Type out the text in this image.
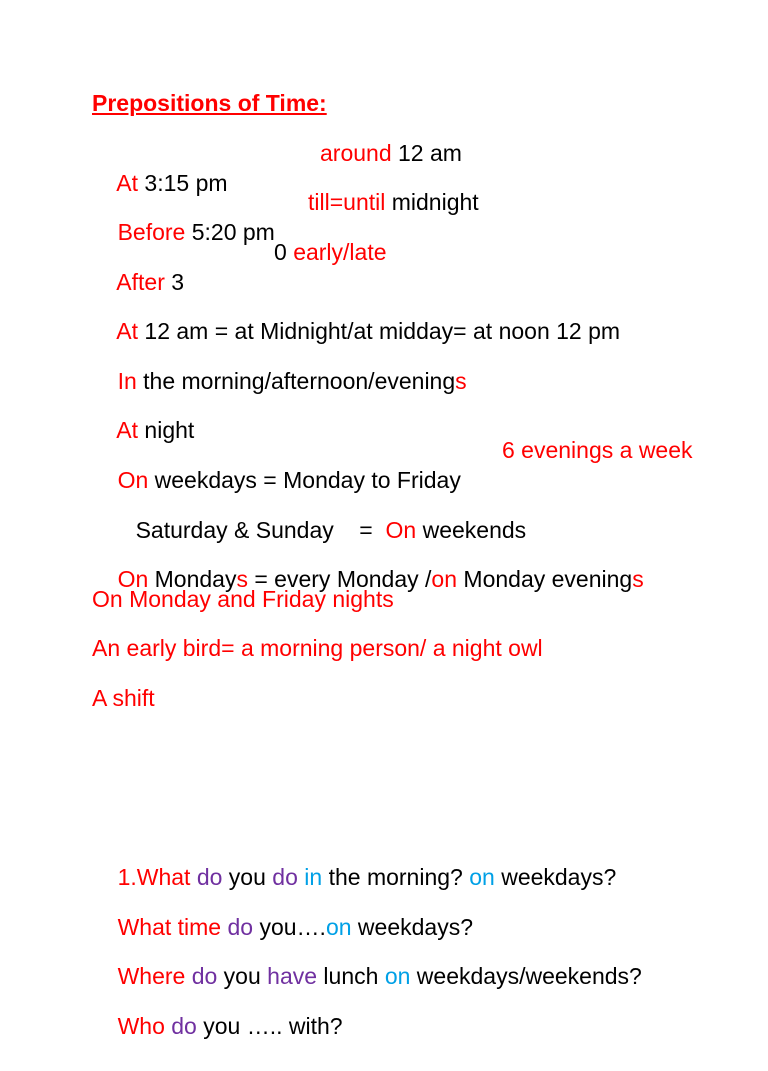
Prepositions of Time:

At 3:15 pm
around 12 am

Before 5:20 pm
till=until midnight

After 3
0 early/late

At 12 am = at Midnight/at midday= at noon 12 pm

In the morning/afternoon/evenings

At night

On weekdays = Monday to Friday
6 evenings a week

Saturday & Sunday    =  On weekends

On Mondays = every Monday /on Monday evenings

On Monday and Friday nights
An early bird= a morning person/ a night owl
A shift

1.What do you do in the morning? on weekdays?

What time do you….on weekdays?

Where do you have lunch on weekdays/weekends?

Who do you ….. with?
